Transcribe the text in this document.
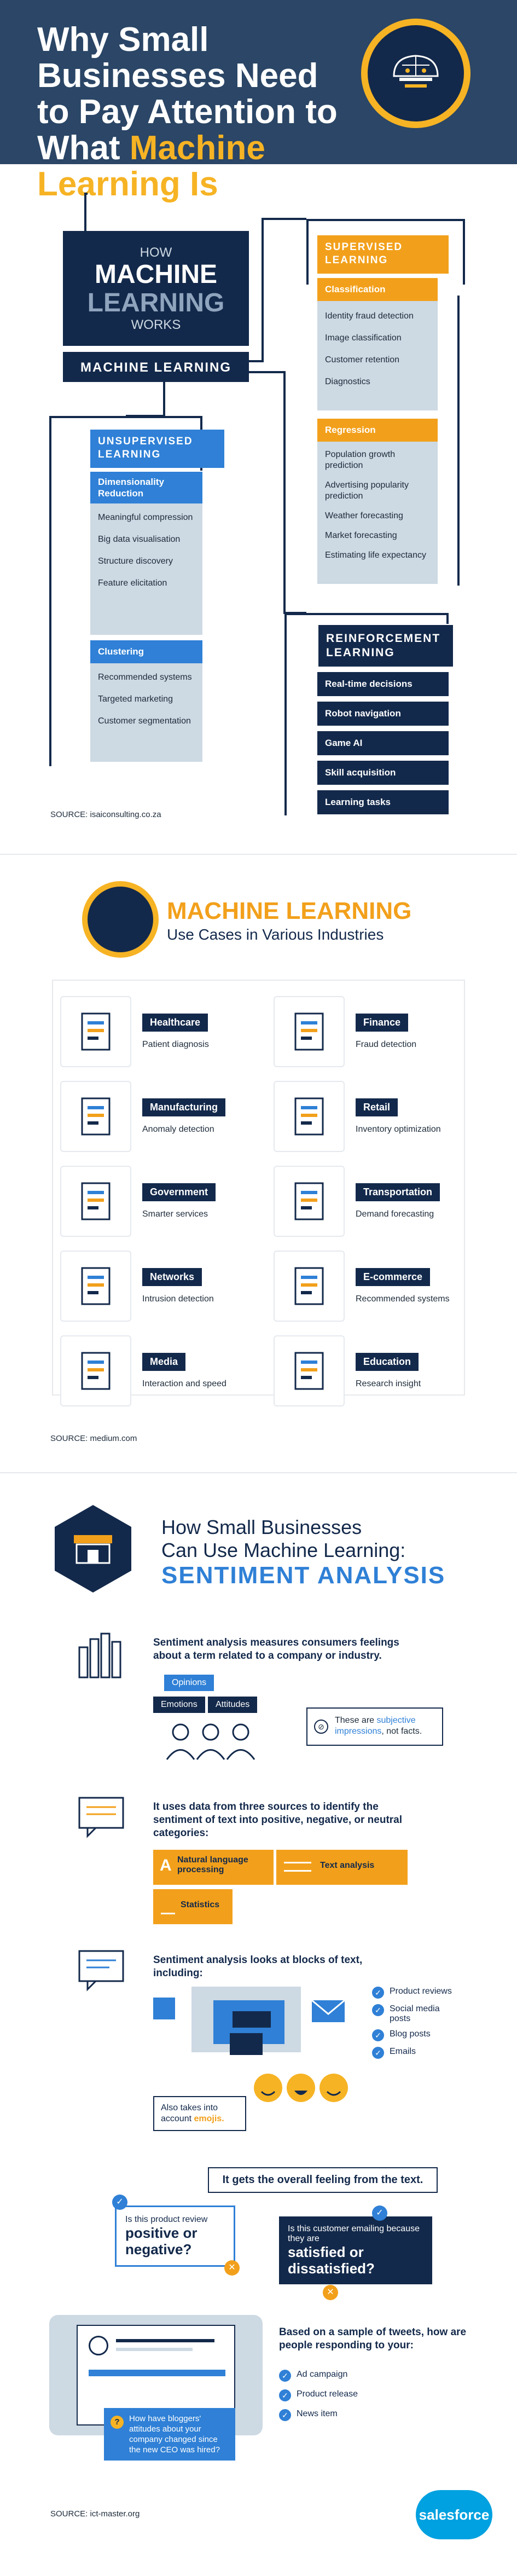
Why Small Businesses Need to Pay Attention to What Machine Learning Is
HOW
MACHINE
LEARNING
WORKS
MACHINE LEARNING
SUPERVISED LEARNING
Classification
Identity fraud detection
Image classification
Customer retention
Diagnostics
Regression
Population growth prediction
Advertising popularity prediction
Weather forecasting
Market forecasting
Estimating life expectancy
UNSUPERVISED LEARNING
Dimensionality Reduction
Meaningful compression
Big data visualisation
Structure discovery
Feature elicitation
Clustering
Recommended systems
Targeted marketing
Customer segmentation
REINFORCEMENT LEARNING
Real-time decisions
Robot navigation
Game AI
Skill acquisition
Learning tasks
SOURCE: isaiconsulting.co.za
MACHINE LEARNING
Use Cases in Various Industries
Healthcare
Patient diagnosis
Finance
Fraud detection
Manufacturing
Anomaly detection
Retail
Inventory optimization
Government
Smarter services
Transportation
Demand forecasting
Networks
Intrusion detection
E-commerce
Recommended systems
Media
Interaction and speed
Education
Research insight
SOURCE: medium.com
How Small Businesses
Can Use Machine Learning:
SENTIMENT ANALYSIS
Sentiment analysis measures consumers feelings about a term related to a company or industry.
Opinions
Emotions	Attitudes
⊘
These are subjective impressions, not facts.
It uses data from three sources to identify the sentiment of text into positive, negative, or neutral categories:
A Natural language processing	Text analysis
Statistics
Sentiment analysis looks at blocks of text, including:
✓ Product reviews
✓ Social media posts
✓ Blog posts
✓ Emails
Also takes into account emojis.
It gets the overall feeling from the text.
Is this product review
positive or negative?
✓
✕
Is this customer emailing because they are
satisfied or dissatisfied?
✓
✕
?	How have bloggers' attitudes about your company changed since the new CEO was hired?
Based on a sample of tweets, how are people responding to your:
✓ Ad campaign
✓ Product release
✓ News item
SOURCE: ict-master.org	salesforce
